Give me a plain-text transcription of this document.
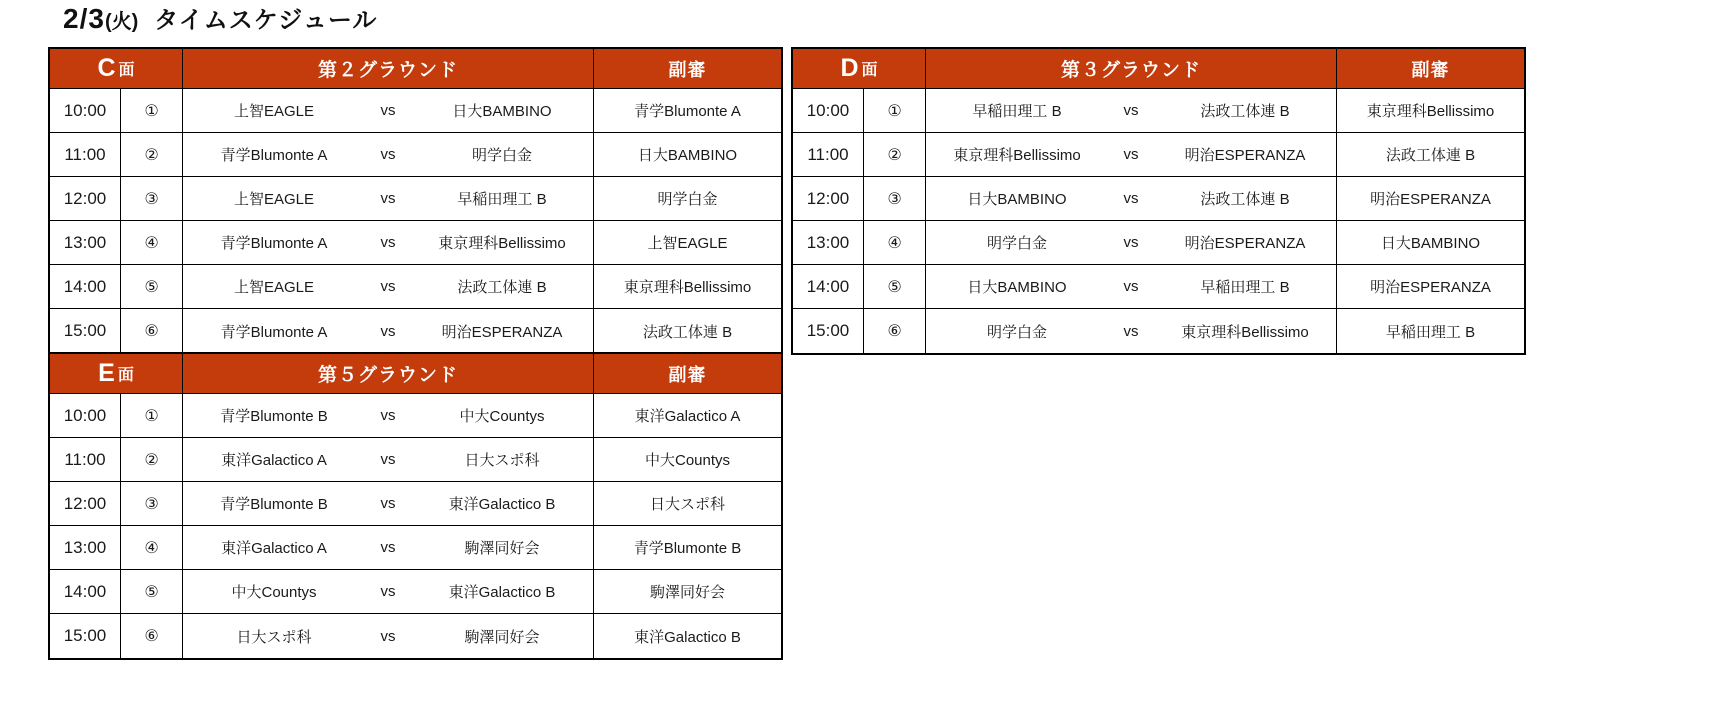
2/3 (火) タイムスケジュール
C 面	第２グラウンド	副審
10:00	①	上智EAGLE	vs	日大BAMBINO	青学Blumonte A
11:00	②	青学Blumonte A	vs	明学白金	日大BAMBINO
12:00	③	上智EAGLE	vs	早稲田理工 B	明学白金
13:00	④	青学Blumonte A	vs	東京理科Bellissimo	上智EAGLE
14:00	⑤	上智EAGLE	vs	法政工体連 B	東京理科Bellissimo
15:00	⑥	青学Blumonte A	vs	明治ESPERANZA	法政工体連 B
D 面	第３グラウンド	副審
10:00	①	早稲田理工 B	vs	法政工体連 B	東京理科Bellissimo
11:00	②	東京理科Bellissimo	vs	明治ESPERANZA	法政工体連 B
12:00	③	日大BAMBINO	vs	法政工体連 B	明治ESPERANZA
13:00	④	明学白金	vs	明治ESPERANZA	日大BAMBINO
14:00	⑤	日大BAMBINO	vs	早稲田理工 B	明治ESPERANZA
15:00	⑥	明学白金	vs	東京理科Bellissimo	早稲田理工 B
E 面	第５グラウンド	副審
10:00	①	青学Blumonte B	vs	中大Countys	東洋Galactico A
11:00	②	東洋Galactico A	vs	日大スポ科	中大Countys
12:00	③	青学Blumonte B	vs	東洋Galactico B	日大スポ科
13:00	④	東洋Galactico A	vs	駒澤同好会	青学Blumonte B
14:00	⑤	中大Countys	vs	東洋Galactico B	駒澤同好会
15:00	⑥	日大スポ科	vs	駒澤同好会	東洋Galactico B
